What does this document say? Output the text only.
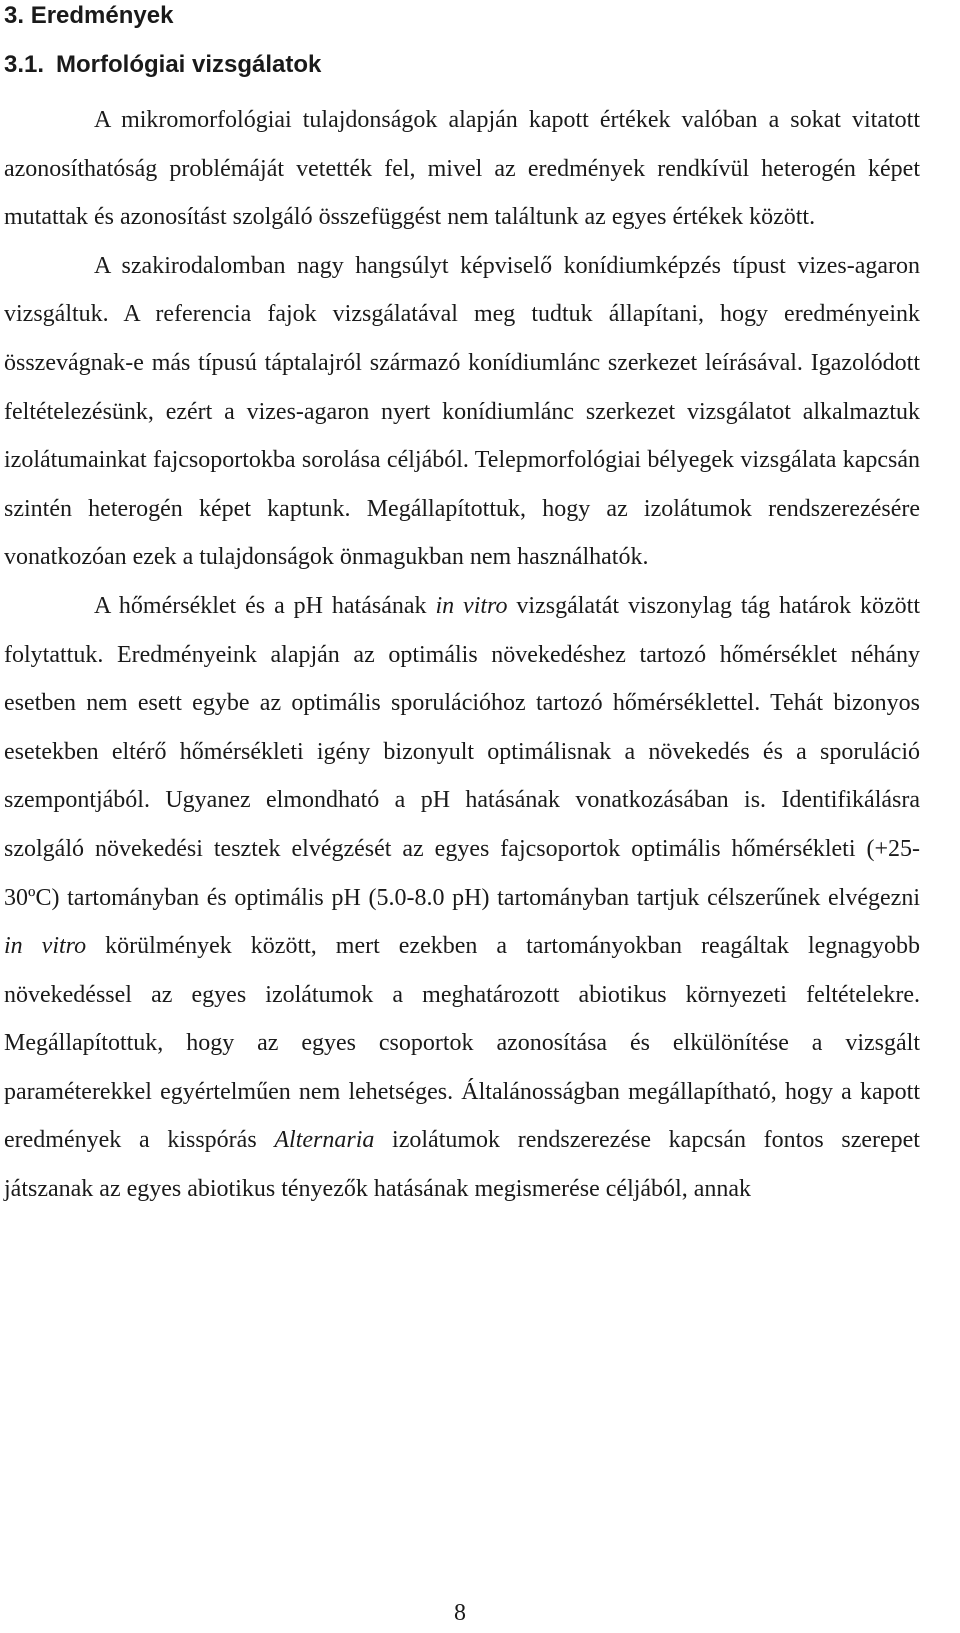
3. Eredmények
3.1. Morfológiai vizsgálatok

A mikromorfológiai tulajdonságok alapján kapott értékek valóban a sokat vitatott azonosíthatóság problémáját vetették fel, mivel az eredmények rendkívül heterogén képet mutattak és azonosítást szolgáló összefüggést nem találtunk az egyes értékek között.

A szakirodalomban nagy hangsúlyt képviselő konídiumképzés típust vizes-agaron vizsgáltuk. A referencia fajok vizsgálatával meg tudtuk állapítani, hogy eredményeink összevágnak-e más típusú táptalajról származó konídiumlánc szerkezet leírásával. Igazolódott feltételezésünk, ezért a vizes-agaron nyert konídiumlánc szerkezet vizsgálatot alkalmaztuk izolátumainkat fajcsoportokba sorolása céljából. Telepmorfológiai bélyegek vizsgálata kapcsán szintén heterogén képet kaptunk. Megállapítottuk, hogy az izolátumok rendszerezésére vonatkozóan ezek a tulajdonságok önmagukban nem használhatók.

A hőmérséklet és a pH hatásának in vitro vizsgálatát viszonylag tág határok között folytattuk. Eredményeink alapján az optimális növekedéshez tartozó hőmérséklet néhány esetben nem esett egybe az optimális sporulációhoz tartozó hőmérséklettel. Tehát bizonyos esetekben eltérő hőmérsékleti igény bizonyult optimálisnak a növekedés és a sporuláció szempontjából. Ugyanez elmondható a pH hatásának vonatkozásában is. Identifikálásra szolgáló növekedési tesztek elvégzését az egyes fajcsoportok optimális hőmérsékleti (+25-30ºC) tartományban és optimális pH (5.0-8.0 pH) tartományban tartjuk célszerűnek elvégezni in vitro körülmények között, mert ezekben a tartományokban reagáltak legnagyobb növekedéssel az egyes izolátumok a meghatározott abiotikus környezeti feltételekre. Megállapítottuk, hogy az egyes csoportok azonosítása és elkülönítése a vizsgált paraméterekkel egyértelműen nem lehetséges. Általánosságban megállapítható, hogy a kapott eredmények a kisspórás Alternaria izolátumok rendszerezése kapcsán fontos szerepet játszanak az egyes abiotikus tényezők hatásának megismerése céljából, annak

8
